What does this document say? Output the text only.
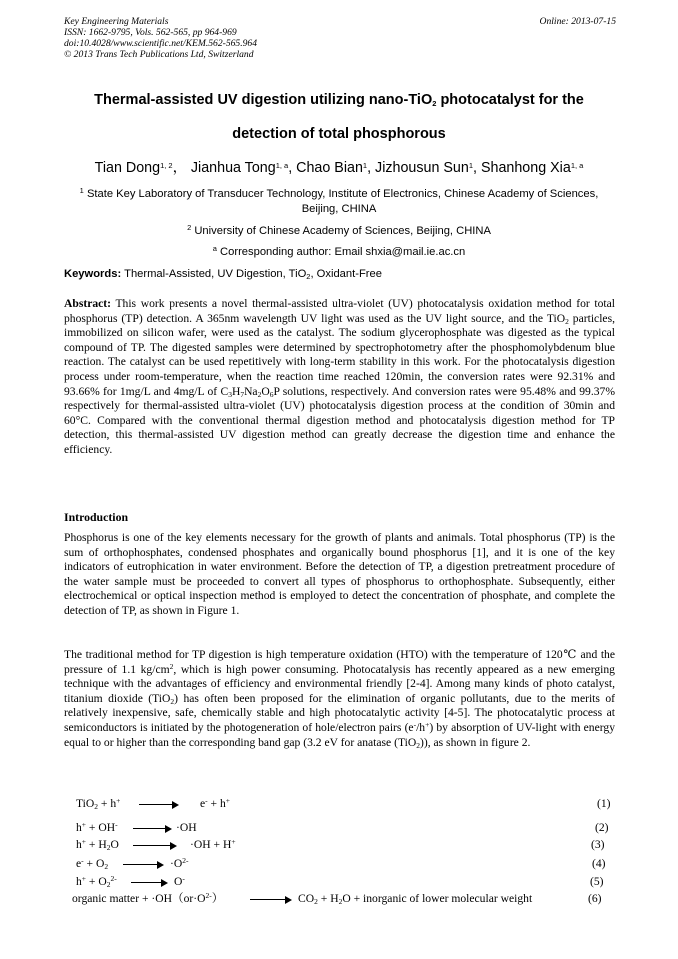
Key Engineering Materials
ISSN: 1662-9795, Vols. 562-565, pp 964-969
doi:10.4028/www.scientific.net/KEM.562-565.964
© 2013 Trans Tech Publications Ltd, Switzerland
Online: 2013-07-15
Thermal-assisted UV digestion utilizing nano-TiO$_2$ photocatalyst for the
detection of total phosphorous
Tian Dong$^{1, 2}$， Jianhua Tong$^{1, a}$, Chao Bian$^1$, Jizhousun Sun$^1$, Shanhong Xia$^{1, a}$
$^1$ State Key Laboratory of Transducer Technology, Institute of Electronics, Chinese Academy of Sciences, Beijing, CHINA
$^2$ University of Chinese Academy of Sciences, Beijing, CHINA
$^a$ Corresponding author: Email shxia@mail.ie.ac.cn
Keywords: Thermal-Assisted, UV Digestion, TiO$_2$, Oxidant-Free
Abstract: This work presents a novel thermal-assisted ultra-violet (UV) photocatalysis oxidation method for total phosphorus (TP) detection. A 365nm wavelength UV light was used as the UV light source, and the TiO$_2$ particles, immobilized on silicon wafer, were used as the catalyst. The sodium glycerophosphate was digested as the typical compound of TP. The digested samples were determined by spectrophotometry after the phosphomolybdenum blue reaction. The catalyst can be used repetitively with long-term stability in this work. For the photocatalysis digestion process under room-temperature, when the reaction time reached 120min, the conversion rates were 92.31% and 93.66% for 1mg/L and 4mg/L of $C_3H_7Na_2O_6P$ solutions, respectively. And conversion rates were 95.48% and 99.37% respectively for thermal-assisted ultra-violet (UV) photocatalysis digestion process at the condition of 30min and 60°C. Compared with the conventional thermal digestion method and photocatalysis digestion method for TP detection, this thermal-assisted UV digestion method can greatly decrease the digestion time and enhance the efficiency.
Introduction
Phosphorus is one of the key elements necessary for the growth of plants and animals. Total phosphorus (TP) is the sum of orthophosphates, condensed phosphates and organically bound phosphorus [1], and it is one of the key indicators of eutrophication in water environment. Before the detection of TP, a digestion pretreatment procedure of the water sample must be proceeded to convert all types of phosphorus to orthophosphate. Subsequently, either electrochemical or optical inspection method is employed to detect the concentration of phosphate, and complete the detection of TP, as shown in Figure 1.
The traditional method for TP digestion is high temperature oxidation (HTO) with the temperature of 120℃ and the pressure of 1.1 $kg/cm^2$, which is high power consuming. Photocatalysis has recently appeared as a new emerging technique with the advantages of efficiency and environmental friendly [2-4]. Among many kinds of photo catalyst, titanium dioxide (TiO$_2$) has often been proposed for the elimination of organic pollutants, due to the merits of relatively inexpensive, safe, chemically stable and high photocatalytic activity [4-5]. The photocatalytic process at semiconductors is initiated by the photogeneration of hole/electron pairs (e-/h+) by absorption of UV-light with energy equal to or higher than the corresponding band gap (3.2 eV for anatase (TiO$_2$)), as shown in figure 2.
TiO$_2$ + h+	e- + h+	(1)
h+ + OH- → ·OH	(2)
$h^+ + H_2O \to \cdot OH + H^+$	(3)
$e^- + O_2 \to \cdot O^{2-}$	(4)
$h^+ + O_2^{2-} \to O^-$	(5)
organic matter + $\cdot OH(or\cdot O^{2-}) \to CO_2 + H_2O$ + inorganic of lower molecular weight	(6)
